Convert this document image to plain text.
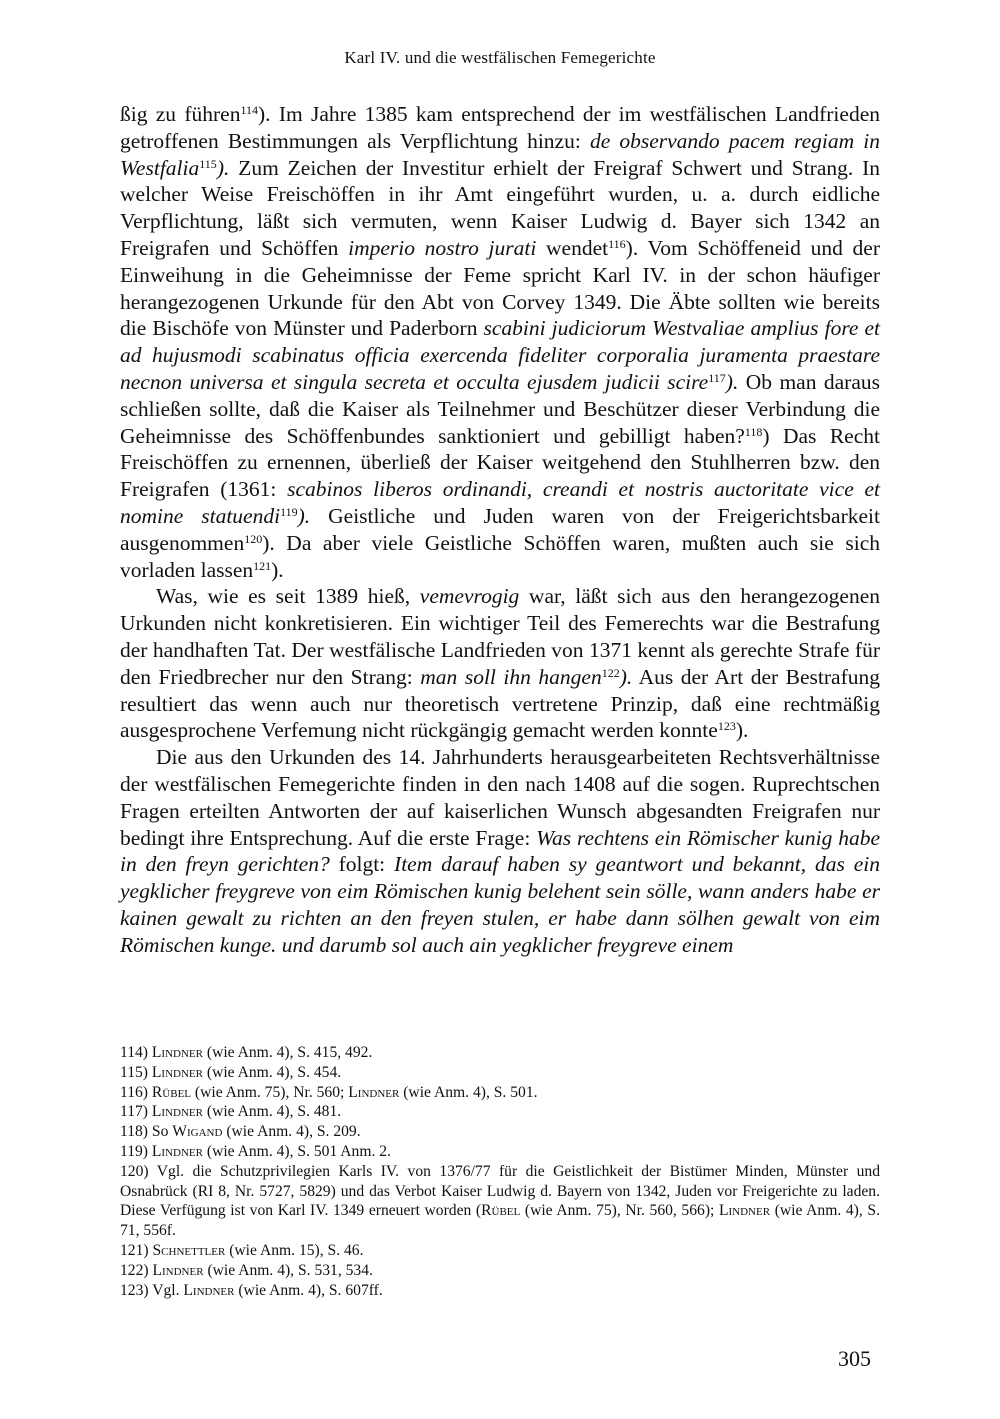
Karl IV. und die westfälischen Femegerichte

ßig zu führen$^{114}$). Im Jahre 1385 kam entsprechend der im westfälischen Landfrieden getroffenen Bestimmungen als Verpflichtung hinzu: de observando pacem regiam in Westfalia$^{115}$). Zum Zeichen der Investitur erhielt der Freigraf Schwert und Strang. In welcher Weise Freischöffen in ihr Amt eingeführt wurden, u. a. durch eidliche Verpflichtung, läßt sich vermuten, wenn Kaiser Ludwig d. Bayer sich 1342 an Freigrafen und Schöffen imperio nostro jurati wendet$^{116}$). Vom Schöffeneid und der Einweihung in die Geheimnisse der Feme spricht Karl IV. in der schon häufiger herangezogenen Urkunde für den Abt von Corvey 1349. Die Äbte sollten wie bereits die Bischöfe von Münster und Paderborn scabini judiciorum Westvaliae amplius fore et ad hujusmodi scabinatus officia exercenda fideliter corporalia juramenta praestare necnon universa et singula secreta et occulta ejusdem judicii scire$^{117}$). Ob man daraus schließen sollte, daß die Kaiser als Teilnehmer und Beschützer dieser Verbindung die Geheimnisse des Schöffenbundes sanktioniert und gebilligt haben?$^{118}$) Das Recht Freischöffen zu ernennen, überließ der Kaiser weitgehend den Stuhlherren bzw. den Freigrafen (1361: scabinos liberos ordinandi, creandi et nostris auctoritate vice et nomine statuendi$^{119}$). Geistliche und Juden waren von der Freigerichtsbarkeit ausgenommen$^{120}$). Da aber viele Geistliche Schöffen waren, mußten auch sie sich vorladen lassen$^{121}$).

Was, wie es seit 1389 hieß, vemevrogig war, läßt sich aus den herangezogenen Urkunden nicht konkretisieren. Ein wichtiger Teil des Femerechts war die Bestrafung der handhaften Tat. Der westfälische Landfrieden von 1371 kennt als gerechte Strafe für den Friedbrecher nur den Strang: man soll ihn hangen$^{122}$). Aus der Art der Bestrafung resultiert das wenn auch nur theoretisch vertretene Prinzip, daß eine rechtmäßig ausgesprochene Verfemung nicht rückgängig gemacht werden konnte$^{123}$).

Die aus den Urkunden des 14. Jahrhunderts herausgearbeiteten Rechtsverhältnisse der westfälischen Femegerichte finden in den nach 1408 auf die sogen. Ruprechtschen Fragen erteilten Antworten der auf kaiserlichen Wunsch abgesandten Freigrafen nur bedingt ihre Entsprechung. Auf die erste Frage: Was rechtens ein Römischer kunig habe in den freyn gerichten? folgt: Item darauf haben sy geantwort und bekannt, das ein yegklicher freygreve von eim Römischen kunig belehent sein sölle, wann anders habe er kainen gewalt zu richten an den freyen stulen, er habe dann sölhen gewalt von eim Römischen kunge. und darumb sol auch ain yegklicher freygreve einem

114) Lindner (wie Anm. 4), S. 415, 492.

115) Lindner (wie Anm. 4), S. 454.

116) Rübel (wie Anm. 75), Nr. 560; Lindner (wie Anm. 4), S. 501.

117) Lindner (wie Anm. 4), S. 481.

118) So Wigand (wie Anm. 4), S. 209.

119) Lindner (wie Anm. 4), S. 501 Anm. 2.

120) Vgl. die Schutzprivilegien Karls IV. von 1376/77 für die Geistlichkeit der Bistümer Minden, Münster und Osnabrück (RI 8, Nr. 5727, 5829) und das Verbot Kaiser Ludwig d. Bayern von 1342, Juden vor Freigerichte zu laden. Diese Verfügung ist von Karl IV. 1349 erneuert worden (Rübel (wie Anm. 75), Nr. 560, 566); Lindner (wie Anm. 4), S. 71, 556f.

121) Schnettler (wie Anm. 15), S. 46.

122) Lindner (wie Anm. 4), S. 531, 534.

123) Vgl. Lindner (wie Anm. 4), S. 607ff.

305
